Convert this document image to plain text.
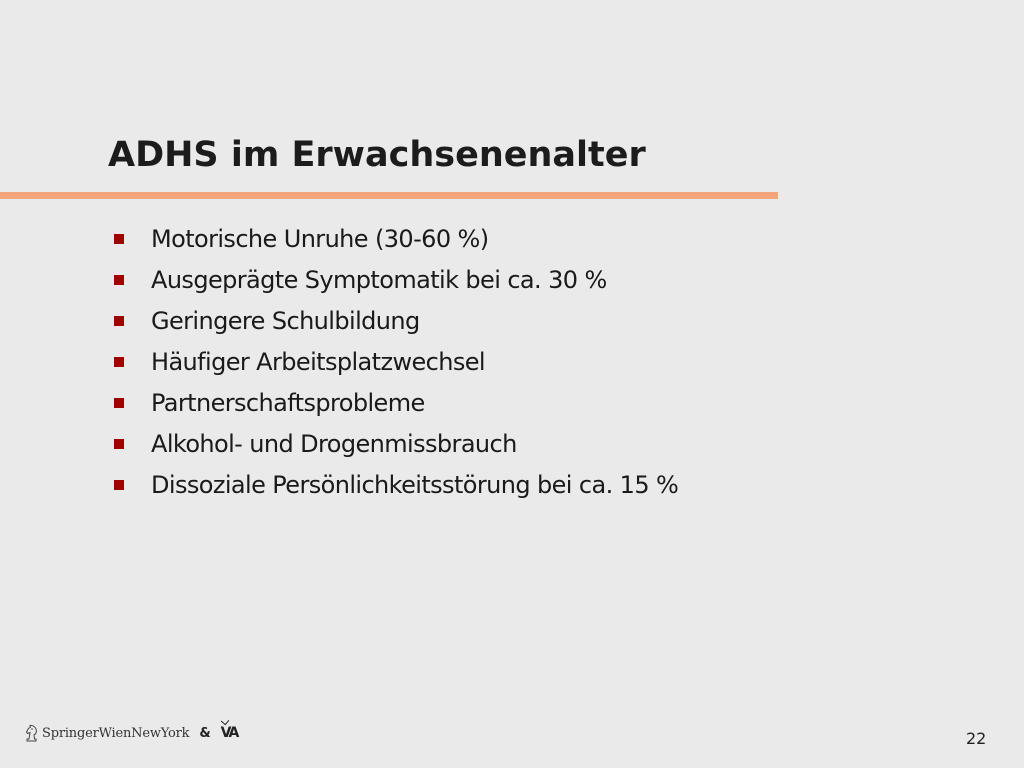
ADHS im Erwachsenenalter
Motorische Unruhe (30-60 %)
Ausgeprägte Symptomatik bei ca. 30 %
Geringere Schulbildung
Häufiger Arbeitsplatzwechsel
Partnerschaftsprobleme
Alkohol- und Drogenmissbrauch
Dissoziale Persönlichkeitsstörung bei ca. 15 %
SpringerWienNewYork & VA	22
